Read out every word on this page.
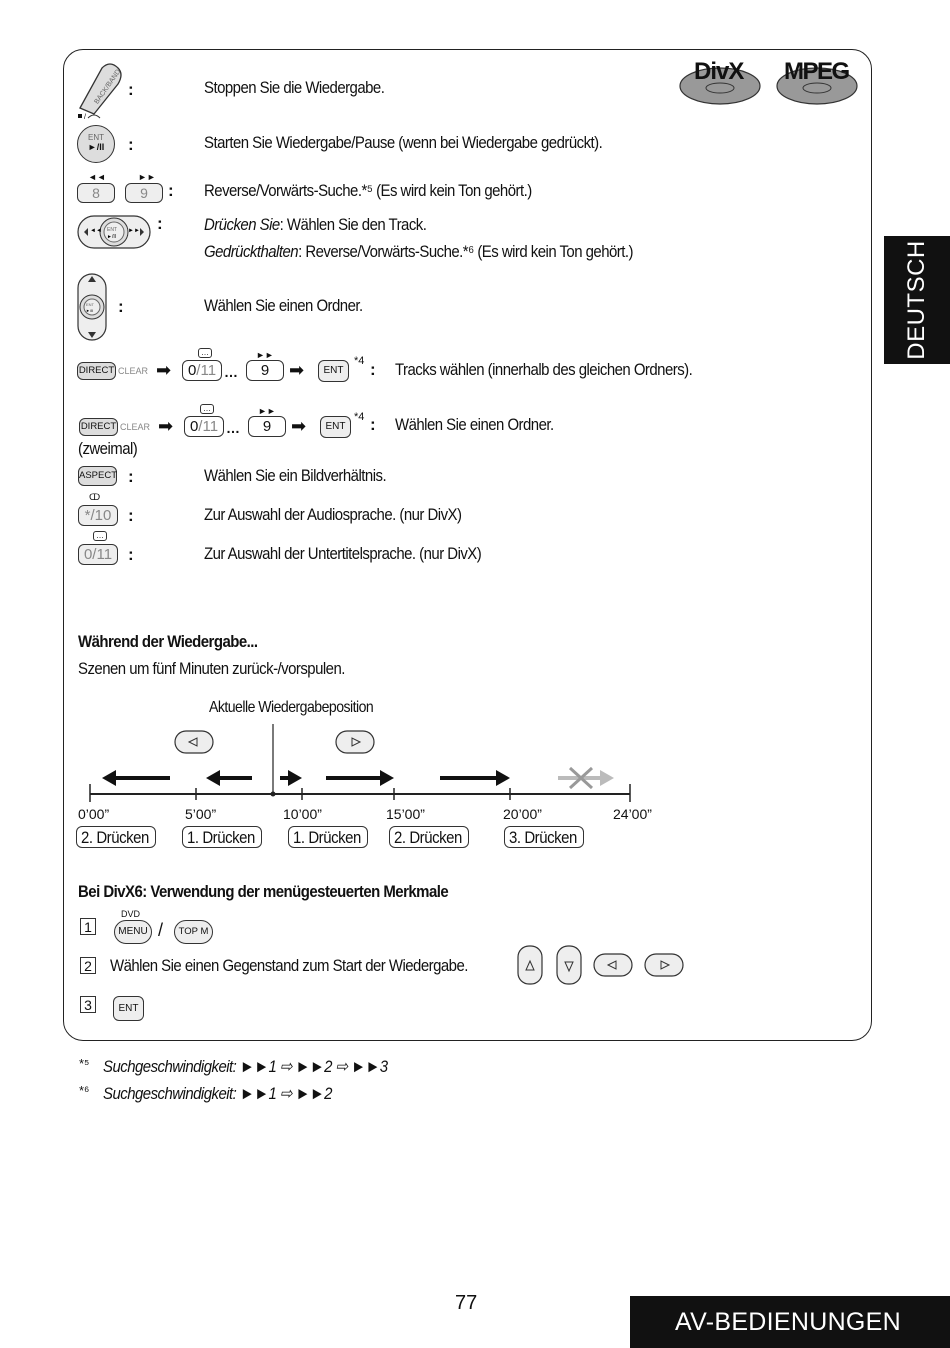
DivX MPEG
BACK/BAND
/
:	Stoppen Sie die Wiedergabe.
ENT
►/II	:	Starten Sie Wiedergabe/Pause (wenn bei Wiedergabe gedrückt).
◄◄	►►
8	9	: Reverse/Vorwärts-Suche.*⁵ (Es wird kein Ton gehört.)
ENT
►/II
◄◄	►► : Drücken Sie: Wählen Sie den Track.
Gedrückthalten: Reverse/Vorwärts-Suche.*⁶ (Es wird kein Ton gehört.)
ENT
►/II :	Wählen Sie einen Ordner.
DIRECT CLEAR ➡
…
0/11 …
►►
9	➡	ENT
*4 : Tracks wählen (innerhalb des gleichen Ordners).
DIRECT CLEAR ➡
…
0/11 …
►►
9	➡	ENT
*4 : Wählen Sie einen Ordner.
(zweimal)
ASPECT :	Wählen Sie ein Bildverhältnis.
ↀ
*/10 :	Zur Auswahl der Audiosprache. (nur DivX)
…
0/11 :	Zur Auswahl der Untertitelsprache. (nur DivX)
Während der Wiedergabe...
Szenen um fünf Minuten zurück-/vorspulen.
Aktuelle Wiedergabeposition
0’00”	5’00”	10’00”	15’00”	20’00”	24’00”
2. Drücken	1. Drücken	1. Drücken	2. Drücken	3. Drücken
Bei DivX6: Verwendung der menügesteuerten Merkmale
1
DVD
MENU /	TOP M
2 Wählen Sie einen Gegenstand zum Start der Wiedergabe.
3	ENT
*⁵ Suchgeschwindigkeit: ►►1 ⇨ ►►2 ⇨ ►►3
*⁶ Suchgeschwindigkeit: ►►1 ⇨ ►►2
DEUTSCH
77
AV-BEDIENUNGEN
